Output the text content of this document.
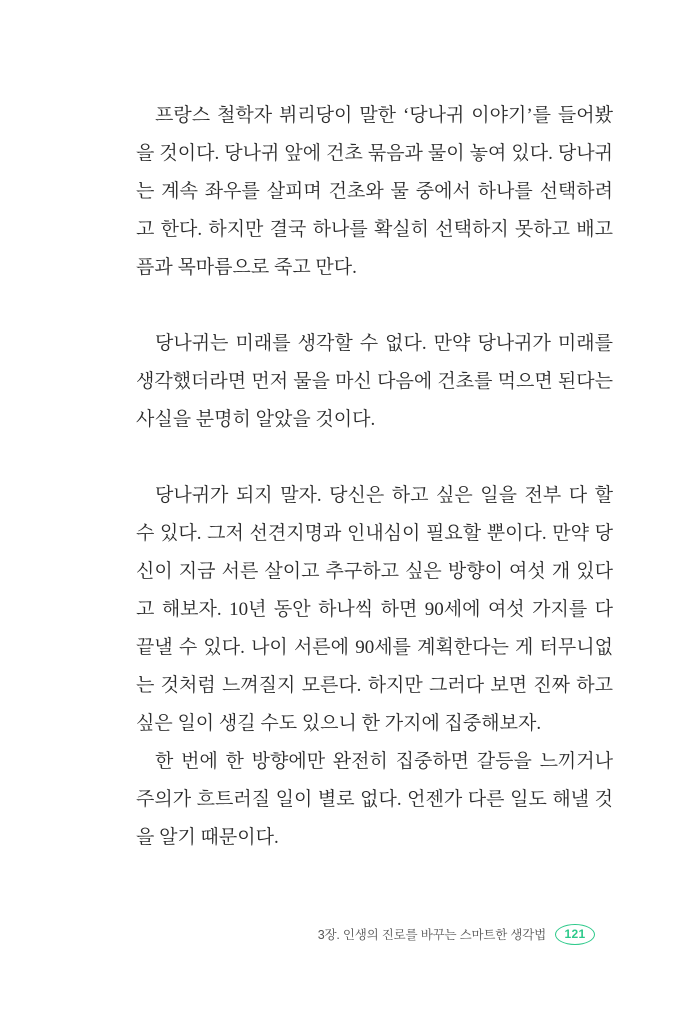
프랑스 철학자 뷔리당이 말한 ‘당나귀 이야기’를 들어봤
을 것이다. 당나귀 앞에 건초 묶음과 물이 놓여 있다. 당나귀
는 계속 좌우를 살피며 건초와 물 중에서 하나를 선택하려
고 한다. 하지만 결국 하나를 확실히 선택하지 못하고 배고
픔과 목마름으로 죽고 만다.
당나귀는 미래를 생각할 수 없다. 만약 당나귀가 미래를
생각했더라면 먼저 물을 마신 다음에 건초를 먹으면 된다는
사실을 분명히 알았을 것이다.
당나귀가 되지 말자. 당신은 하고 싶은 일을 전부 다 할
수 있다. 그저 선견지명과 인내심이 필요할 뿐이다. 만약 당
신이 지금 서른 살이고 추구하고 싶은 방향이 여섯 개 있다
고 해보자. 10년 동안 하나씩 하면 90세에 여섯 가지를 다
끝낼 수 있다. 나이 서른에 90세를 계획한다는 게 터무니없
는 것처럼 느껴질지 모른다. 하지만 그러다 보면 진짜 하고
싶은 일이 생길 수도 있으니 한 가지에 집중해보자.
한 번에 한 방향에만 완전히 집중하면 갈등을 느끼거나
주의가 흐트러질 일이 별로 없다. 언젠가 다른 일도 해낼 것
을 알기 때문이다.
3장. 인생의 진로를 바꾸는 스마트한 생각법 121
